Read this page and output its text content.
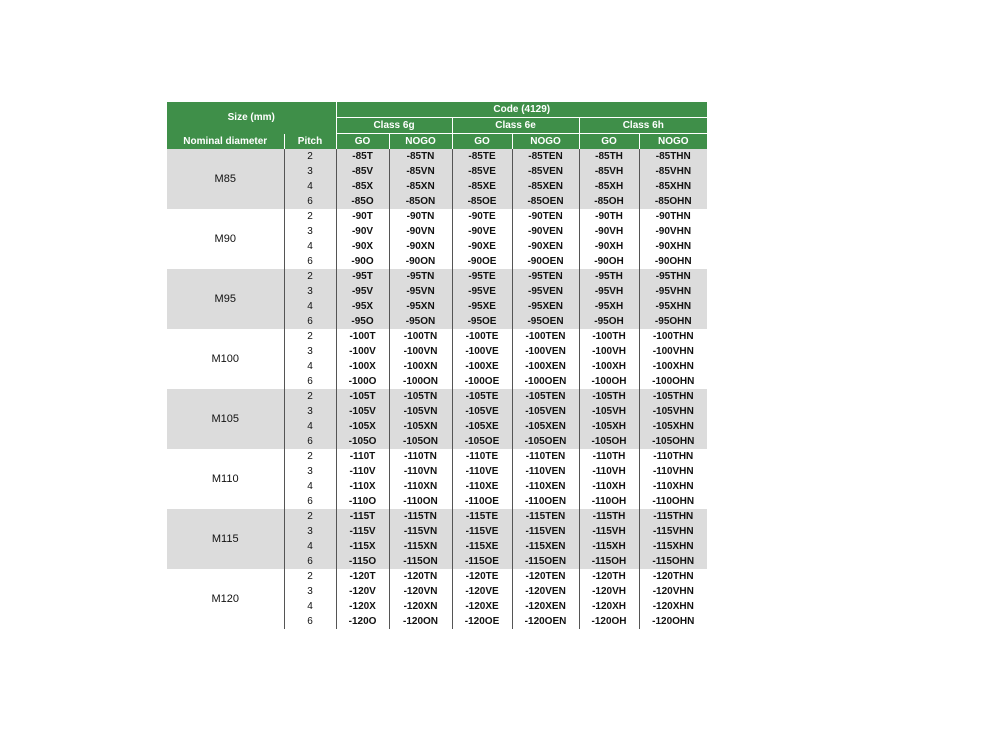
Size (mm)		Code (4129)					
		Class 6g		Class 6e		Class 6h	
Nominal diameter	Pitch	GO	NOGO	GO	NOGO	GO	NOGO
M85	2	-85T	-85TN	-85TE	-85TEN	-85TH	-85THN
	3	-85V	-85VN	-85VE	-85VEN	-85VH	-85VHN
	4	-85X	-85XN	-85XE	-85XEN	-85XH	-85XHN
	6	-85O	-85ON	-85OE	-85OEN	-85OH	-85OHN
M90	2	-90T	-90TN	-90TE	-90TEN	-90TH	-90THN
	3	-90V	-90VN	-90VE	-90VEN	-90VH	-90VHN
	4	-90X	-90XN	-90XE	-90XEN	-90XH	-90XHN
	6	-90O	-90ON	-90OE	-90OEN	-90OH	-90OHN
M95	2	-95T	-95TN	-95TE	-95TEN	-95TH	-95THN
	3	-95V	-95VN	-95VE	-95VEN	-95VH	-95VHN
	4	-95X	-95XN	-95XE	-95XEN	-95XH	-95XHN
	6	-95O	-95ON	-95OE	-95OEN	-95OH	-95OHN
M100	2	-100T	-100TN	-100TE	-100TEN	-100TH	-100THN
	3	-100V	-100VN	-100VE	-100VEN	-100VH	-100VHN
	4	-100X	-100XN	-100XE	-100XEN	-100XH	-100XHN
	6	-100O	-100ON	-100OE	-100OEN	-100OH	-100OHN
M105	2	-105T	-105TN	-105TE	-105TEN	-105TH	-105THN
	3	-105V	-105VN	-105VE	-105VEN	-105VH	-105VHN
	4	-105X	-105XN	-105XE	-105XEN	-105XH	-105XHN
	6	-105O	-105ON	-105OE	-105OEN	-105OH	-105OHN
M110	2	-110T	-110TN	-110TE	-110TEN	-110TH	-110THN
	3	-110V	-110VN	-110VE	-110VEN	-110VH	-110VHN
	4	-110X	-110XN	-110XE	-110XEN	-110XH	-110XHN
	6	-110O	-110ON	-110OE	-110OEN	-110OH	-110OHN
M115	2	-115T	-115TN	-115TE	-115TEN	-115TH	-115THN
	3	-115V	-115VN	-115VE	-115VEN	-115VH	-115VHN
	4	-115X	-115XN	-115XE	-115XEN	-115XH	-115XHN
	6	-115O	-115ON	-115OE	-115OEN	-115OH	-115OHN
M120	2	-120T	-120TN	-120TE	-120TEN	-120TH	-120THN
	3	-120V	-120VN	-120VE	-120VEN	-120VH	-120VHN
	4	-120X	-120XN	-120XE	-120XEN	-120XH	-120XHN
	6	-120O	-120ON	-120OE	-120OEN	-120OH	-120OHN
